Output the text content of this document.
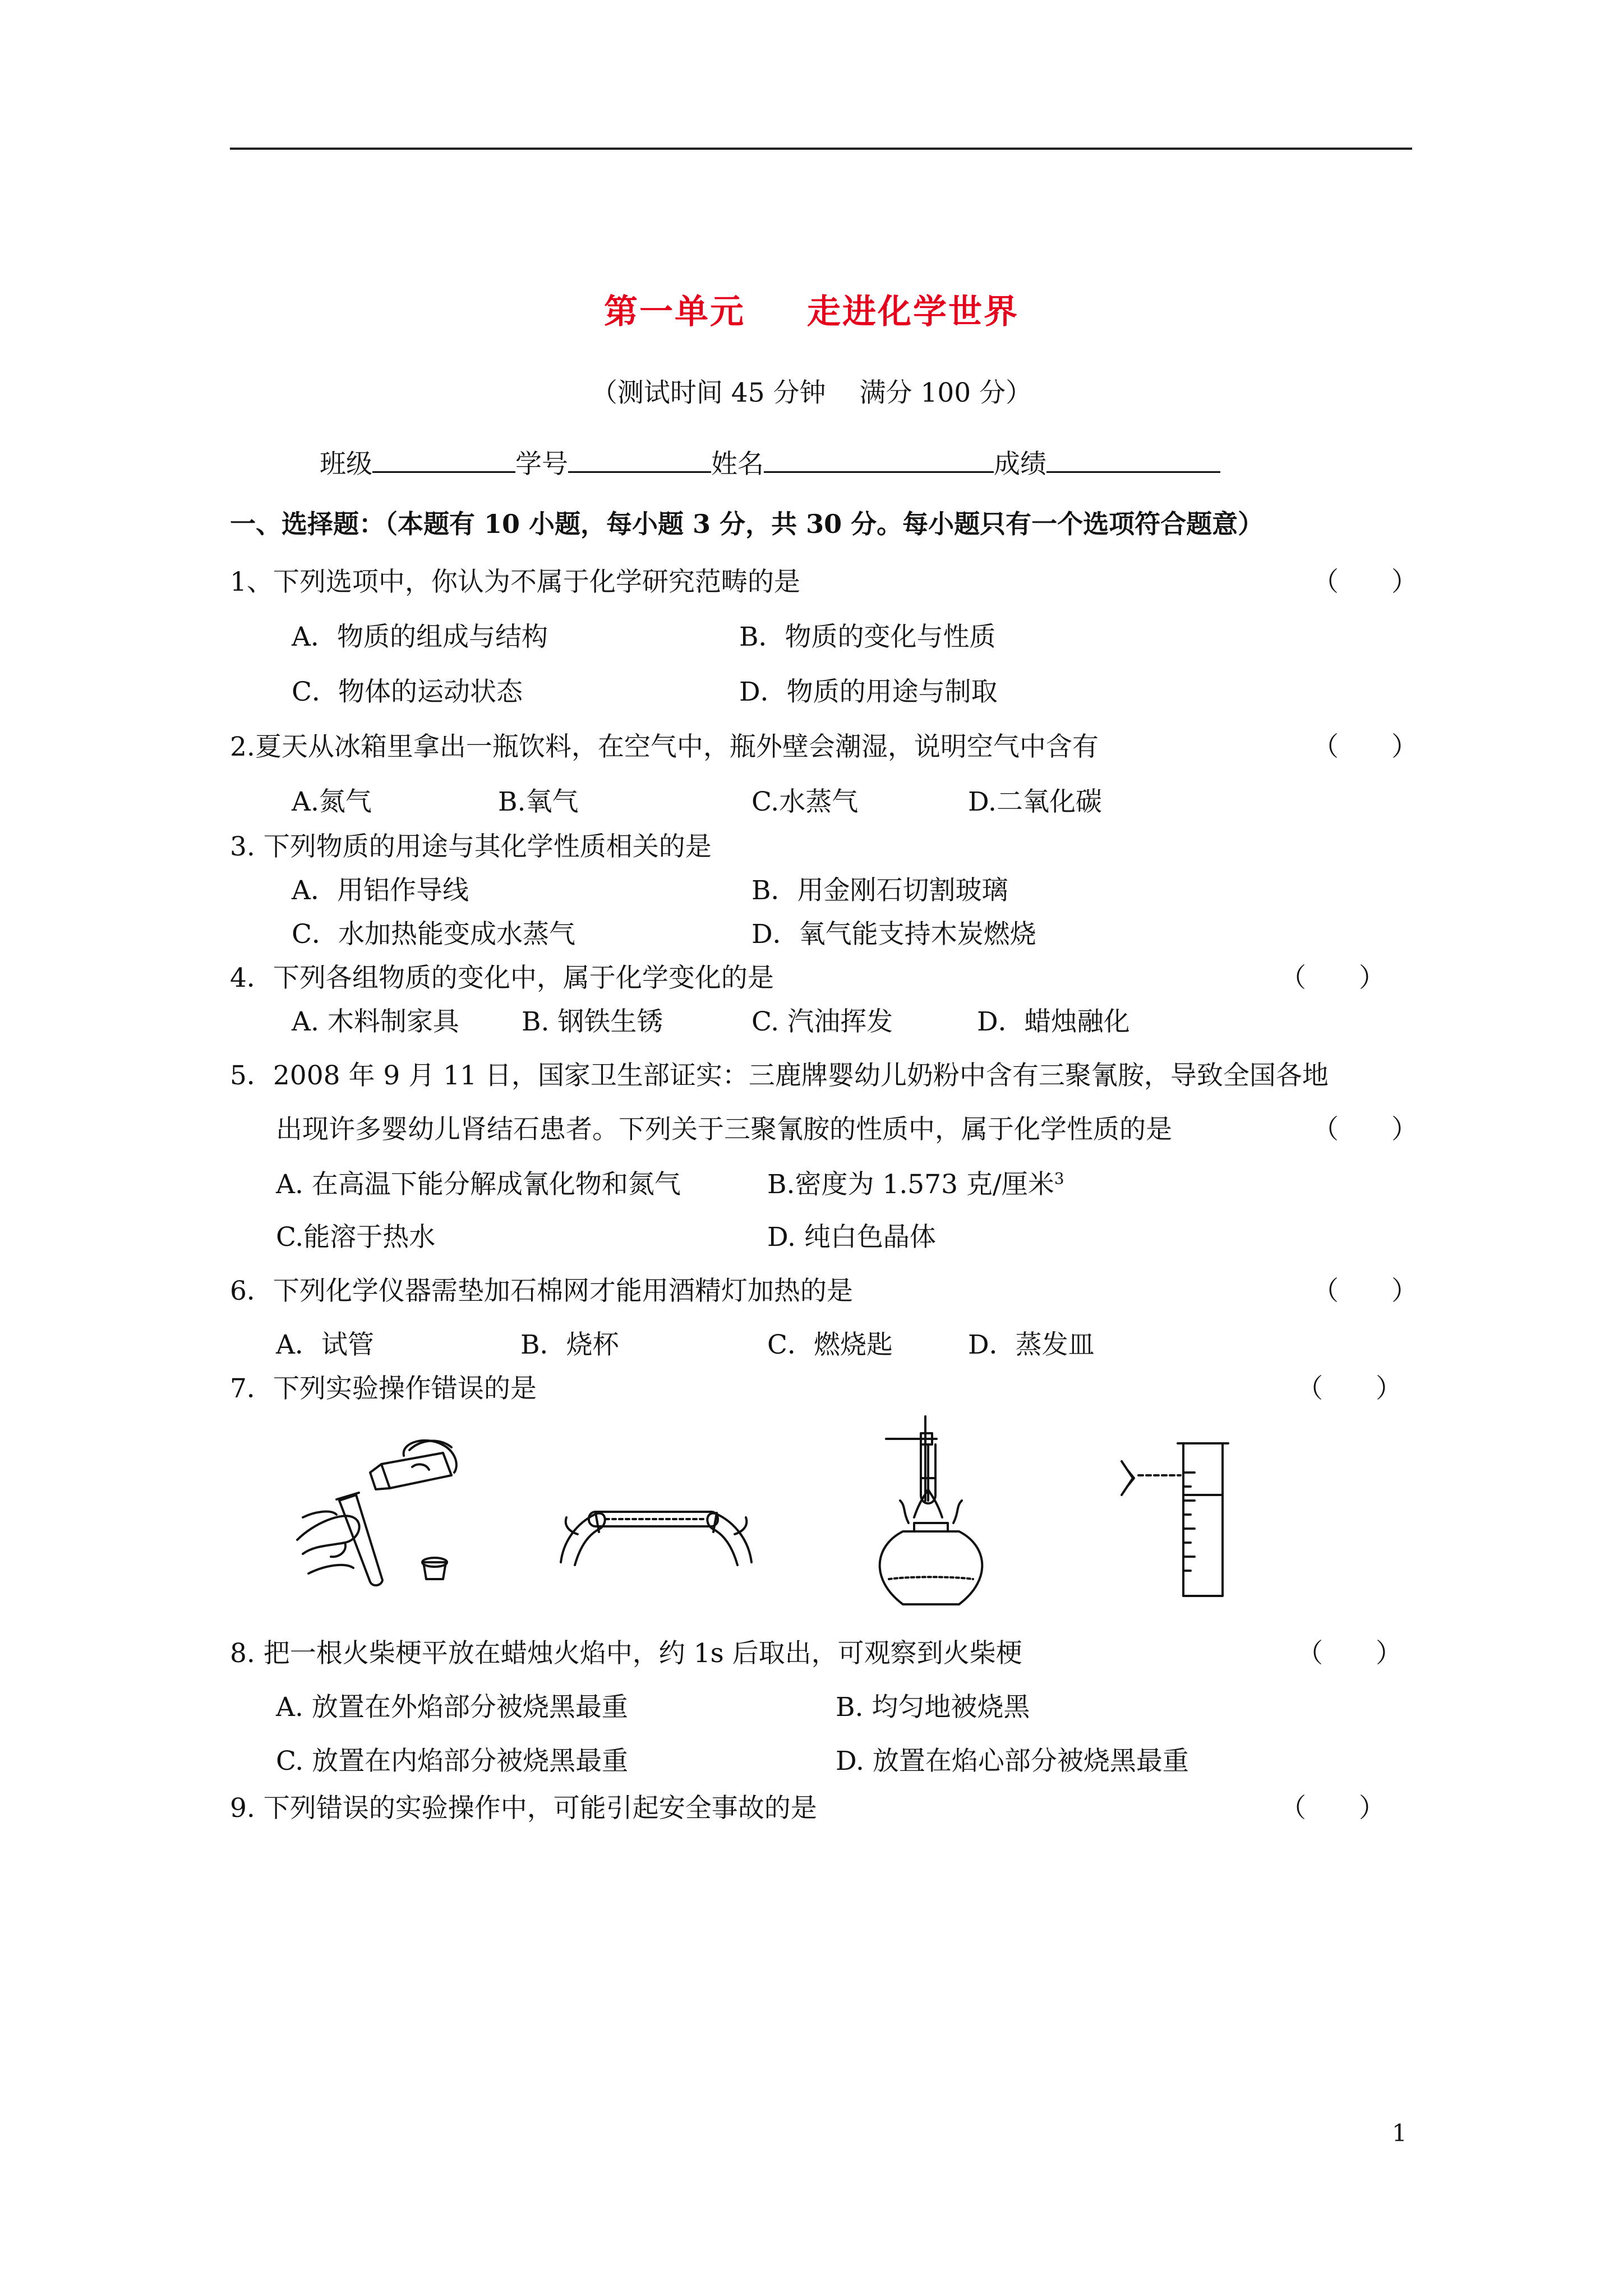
第一单元 走进化学世界
（测试时间 45 分钟 满分 100 分）
班级	学号	姓名	成绩
一、选择题：（本题有 10 小题，每小题 3 分，共 30 分。每小题只有一个选项符合题意）
1、下列选项中，你认为不属于化学研究范畴的是	（　　）
A．物质的组成与结构	B．物质的变化与性质
C．物体的运动状态	D．物质的用途与制取
2.夏天从冰箱里拿出一瓶饮料，在空气中，瓶外壁会潮湿，说明空气中含有	（　　）
A.氮气	B.氧气	C.水蒸气	D.二氧化碳
3. 下列物质的用途与其化学性质相关的是
A．用铝作导线	B．用金刚石切割玻璃
C．水加热能变成水蒸气	D．氧气能支持木炭燃烧
4．下列各组物质的变化中，属于化学变化的是	（　　）
A. 木料制家具 B. 钢铁生锈	C. 汽油挥发	D．蜡烛融化
5．2008 年 9 月 11 日，国家卫生部证实：三鹿牌婴幼儿奶粉中含有三聚氰胺，导致全国各地
出现许多婴幼儿肾结石患者。下列关于三聚氰胺的性质中，属于化学性质的是	（　　）
A. 在高温下能分解成氰化物和氮气	B.密度为 1.573 克/厘米$^3$
C.能溶于热水	D. 纯白色晶体
6．下列化学仪器需垫加石棉网才能用酒精灯加热的是	（　　）
A．试管	B．烧杯	C．燃烧匙	D．蒸发皿
7．下列实验操作错误的是	（　　）
8. 把一根火柴梗平放在蜡烛火焰中，约 1s 后取出，可观察到火柴梗	（　　）
A. 放置在外焰部分被烧黑最重	B. 均匀地被烧黑
C. 放置在内焰部分被烧黑最重	D. 放置在焰心部分被烧黑最重
9. 下列错误的实验操作中，可能引起安全事故的是	（　　）
1
